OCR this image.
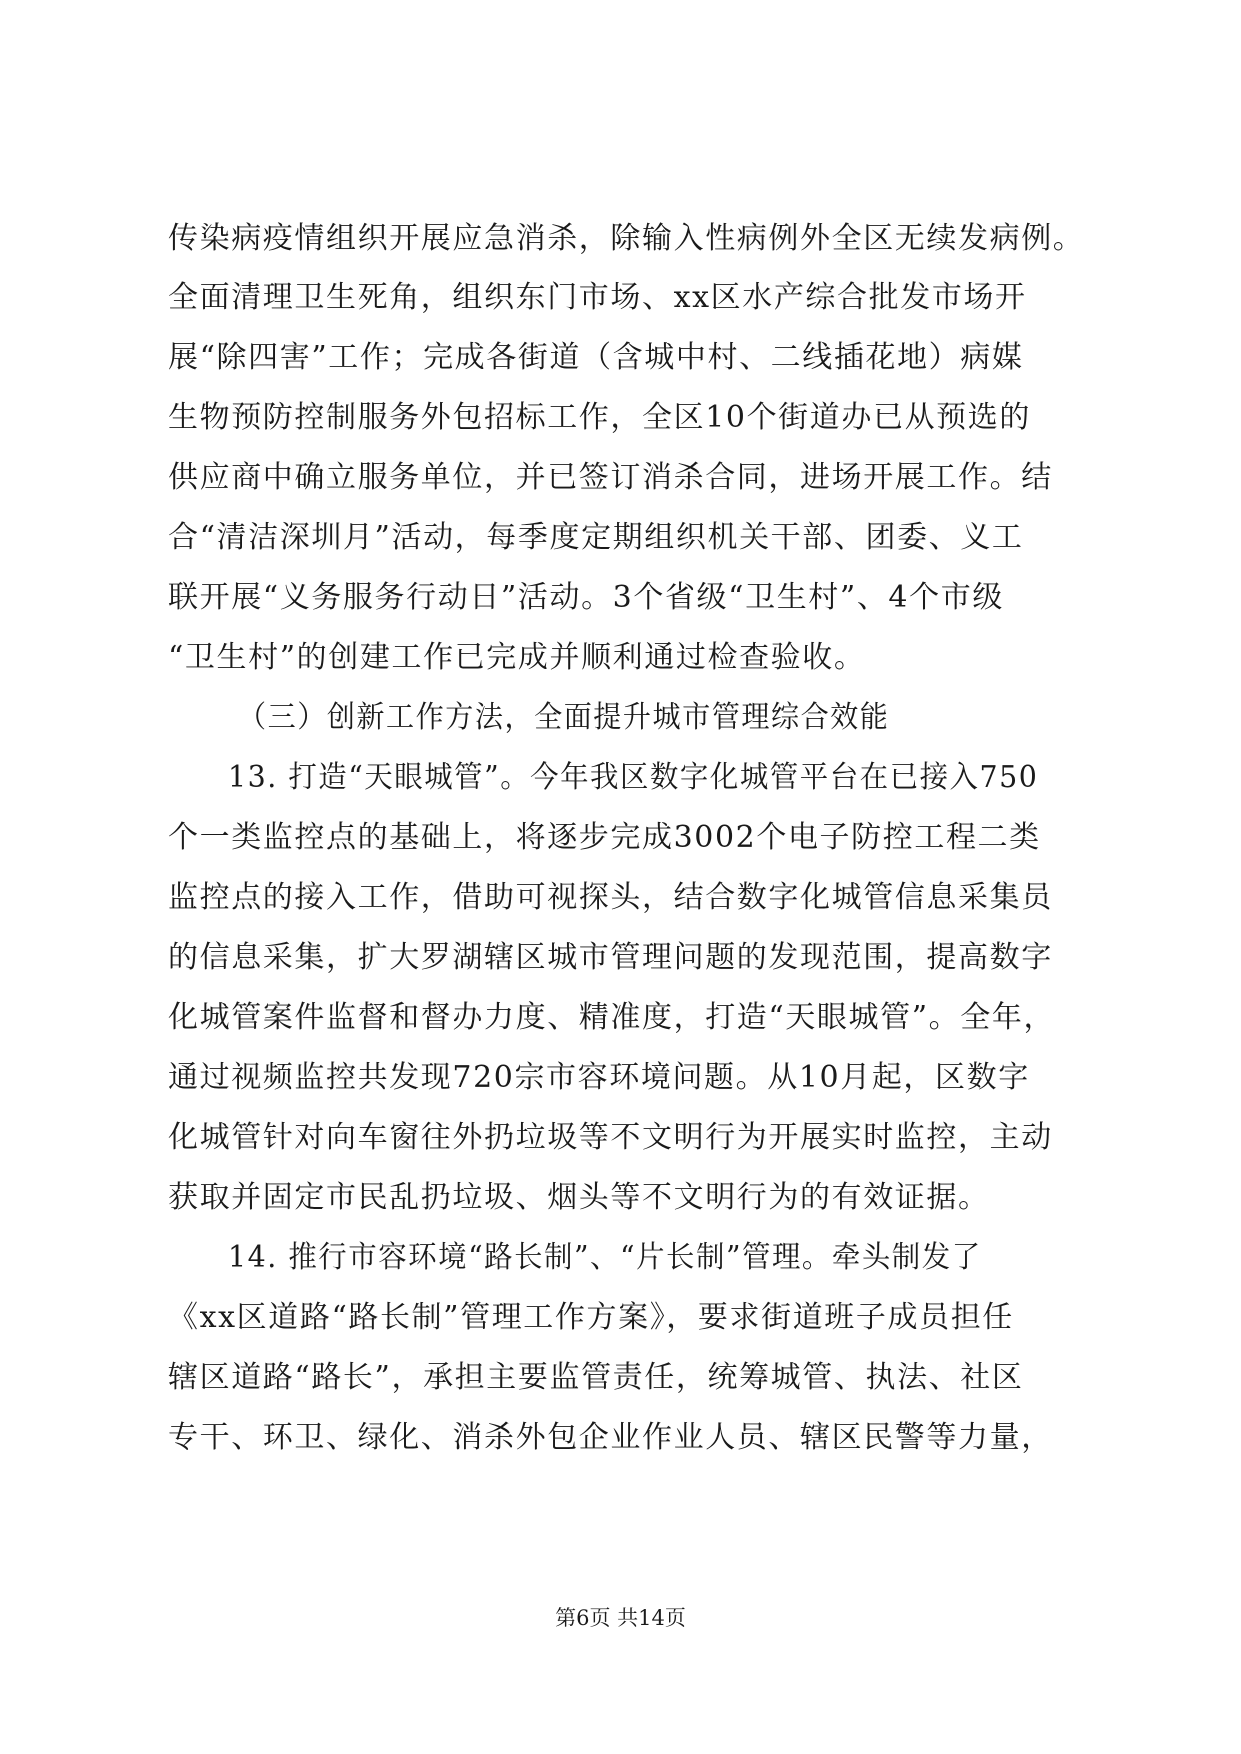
传染病疫情组织开展应急消杀，除输入性病例外全区无续发病例。
全面清理卫生死角，组织东门市场、xx区水产综合批发市场开
展“除四害”工作；完成各街道（含城中村、二线插花地）病媒
生物预防控制服务外包招标工作，全区10个街道办已从预选的
供应商中确立服务单位，并已签订消杀合同，进场开展工作。结
合“清洁深圳月”活动，每季度定期组织机关干部、团委、义工
联开展“义务服务行动日”活动。3个省级“卫生村”、4个市级
“卫生村”的创建工作已完成并顺利通过检查验收。
（三）创新工作方法，全面提升城市管理综合效能
13. 打造“天眼城管”。今年我区数字化城管平台在已接入750
个一类监控点的基础上，将逐步完成3002个电子防控工程二类
监控点的接入工作，借助可视探头，结合数字化城管信息采集员
的信息采集，扩大罗湖辖区城市管理问题的发现范围，提高数字
化城管案件监督和督办力度、精准度，打造“天眼城管”。全年，
通过视频监控共发现720宗市容环境问题。从10月起，区数字
化城管针对向车窗往外扔垃圾等不文明行为开展实时监控，主动
获取并固定市民乱扔垃圾、烟头等不文明行为的有效证据。
14. 推行市容环境“路长制”、“片长制”管理。牵头制发了
《xx区道路“路长制”管理工作方案》，要求街道班子成员担任
辖区道路“路长”，承担主要监管责任，统筹城管、执法、社区
专干、环卫、绿化、消杀外包企业作业人员、辖区民警等力量，
第6页 共14页
